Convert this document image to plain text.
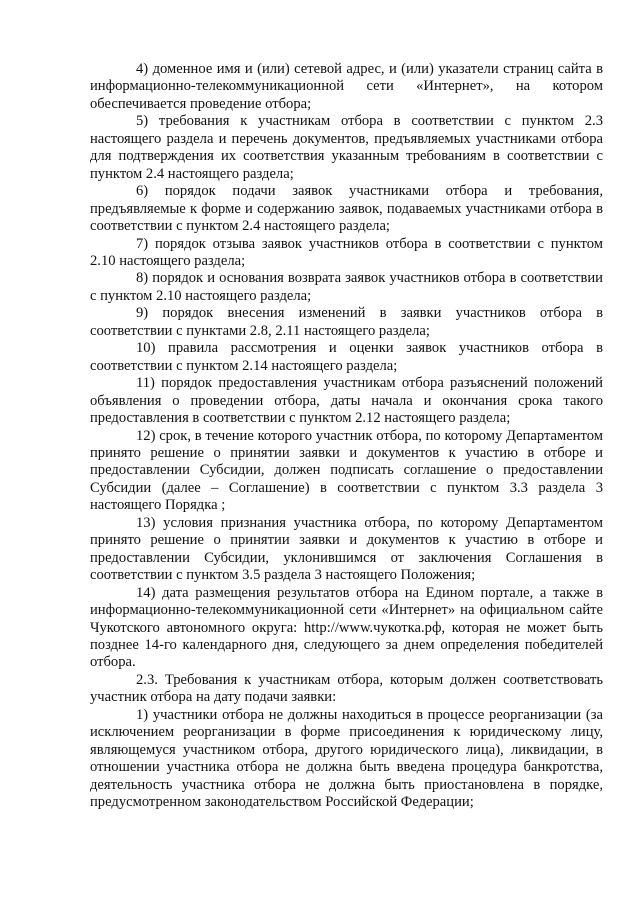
4) доменное имя и (или) сетевой адрес, и (или) указатели страниц сайта в информационно-телекоммуникационной сети «Интернет», на котором обеспечивается проведение отбора;

5) требования к участникам отбора в соответствии с пунктом 2.3 настоящего раздела и перечень документов, предъявляемых участниками отбора для подтверждения их соответствия указанным требованиям в соответствии с пунктом 2.4 настоящего раздела;

6) порядок подачи заявок участниками отбора и требования, предъявляемые к форме и содержанию заявок, подаваемых участниками отбора в соответствии с пунктом 2.4 настоящего раздела;

7) порядок отзыва заявок участников отбора в соответствии с пунктом 2.10 настоящего раздела;

8) порядок и основания возврата заявок участников отбора в соответствии с пунктом 2.10 настоящего раздела;

9) порядок внесения изменений в заявки участников отбора в соответствии с пунктами 2.8, 2.11 настоящего раздела;

10) правила рассмотрения и оценки заявок участников отбора в соответствии с пунктом 2.14 настоящего раздела;

11) порядок предоставления участникам отбора разъяснений положений объявления о проведении отбора, даты начала и окончания срока такого предоставления в соответствии с пунктом 2.12 настоящего раздела;

12) срок, в течение которого участник отбора, по которому Департаментом принято решение о принятии заявки и документов к участию в отборе и предоставлении Субсидии, должен подписать соглашение о предоставлении Субсидии (далее – Соглашение) в соответствии с пунктом 3.3 раздела 3 настоящего Порядка ;

13) условия признания участника отбора, по которому Департаментом принято решение о принятии заявки и документов к участию в отборе и предоставлении Субсидии, уклонившимся от заключения Соглашения в соответствии с пунктом 3.5 раздела 3 настоящего Положения;

14) дата размещения результатов отбора на Едином портале, а также в информационно-телекоммуникационной сети «Интернет» на официальном сайте Чукотского автономного округа: http://www.чукотка.рф, которая не может быть позднее 14-го календарного дня, следующего за днем определения победителей отбора.

2.3. Требования к участникам отбора, которым должен соответствовать участник отбора на дату подачи заявки:

1) участники отбора не должны находиться в процессе реорганизации (за исключением реорганизации в форме присоединения к юридическому лицу, являющемуся участником отбора, другого юридического лица), ликвидации, в отношении участника отбора не должна быть введена процедура банкротства, деятельность участника отбора не должна быть приостановлена в порядке, предусмотренном законодательством Российской Федерации;
